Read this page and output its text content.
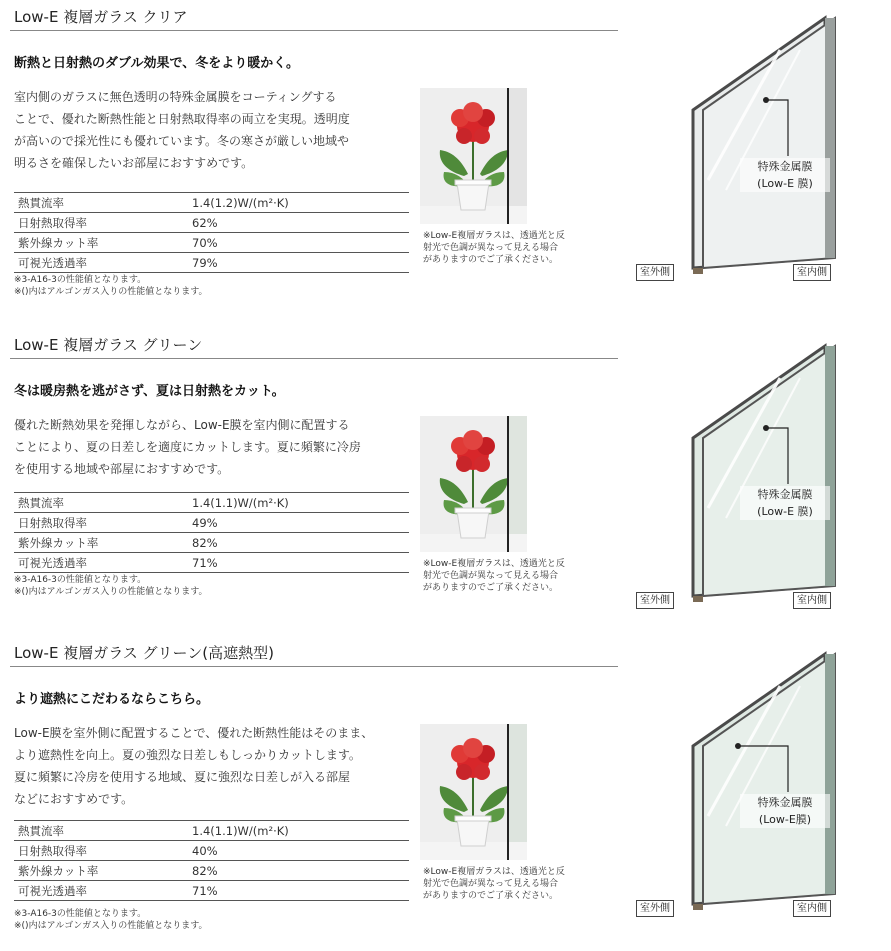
Low-E 複層ガラス クリア
断熱と日射熱のダブル効果で、冬をより暖かく。
室内側のガラスに無色透明の特殊金属膜をコーティングする
ことで、優れた断熱性能と日射熱取得率の両立を実現。透明度
が高いので採光性にも優れています。冬の寒さが厳しい地域や
明るさを確保したいお部屋におすすめです。
熱貫流率	1.4(1.2)W/(m²·K)
日射熱取得率	62%
紫外線カット率	70%
可視光透過率	79%
※3-A16-3の性能値となります。
※()内はアルゴンガス入りの性能値となります。
※Low-E複層ガラスは、透過光と反
射光で色調が異なって見える場合
がありますのでご了承ください。
特殊金属膜
(Low-E 膜)
室外側	室内側
Low-E 複層ガラス グリーン
冬は暖房熱を逃がさず、夏は日射熱をカット。
優れた断熱効果を発揮しながら、Low-E膜を室内側に配置する
ことにより、夏の日差しを適度にカットします。夏に頻繁に冷房
を使用する地域や部屋におすすめです。
熱貫流率	1.4(1.1)W/(m²·K)
日射熱取得率	49%
紫外線カット率	82%
可視光透過率	71%
※3-A16-3の性能値となります。
※()内はアルゴンガス入りの性能値となります。
※Low-E複層ガラスは、透過光と反
射光で色調が異なって見える場合
がありますのでご了承ください。
特殊金属膜
(Low-E 膜)
室外側	室内側
Low-E 複層ガラス グリーン(高遮熱型)
より遮熱にこだわるならこちら。
Low-E膜を室外側に配置することで、優れた断熱性能はそのまま、
より遮熱性を向上。夏の強烈な日差しもしっかりカットします。
夏に頻繁に冷房を使用する地域、夏に強烈な日差しが入る部屋
などにおすすめです。
熱貫流率	1.4(1.1)W/(m²·K)
日射熱取得率	40%
紫外線カット率	82%
可視光透過率	71%
※3-A16-3の性能値となります。
※()内はアルゴンガス入りの性能値となります。
※Low-E複層ガラスは、透過光と反
射光で色調が異なって見える場合
がありますのでご了承ください。
特殊金属膜
(Low-E膜)
室外側	室内側
